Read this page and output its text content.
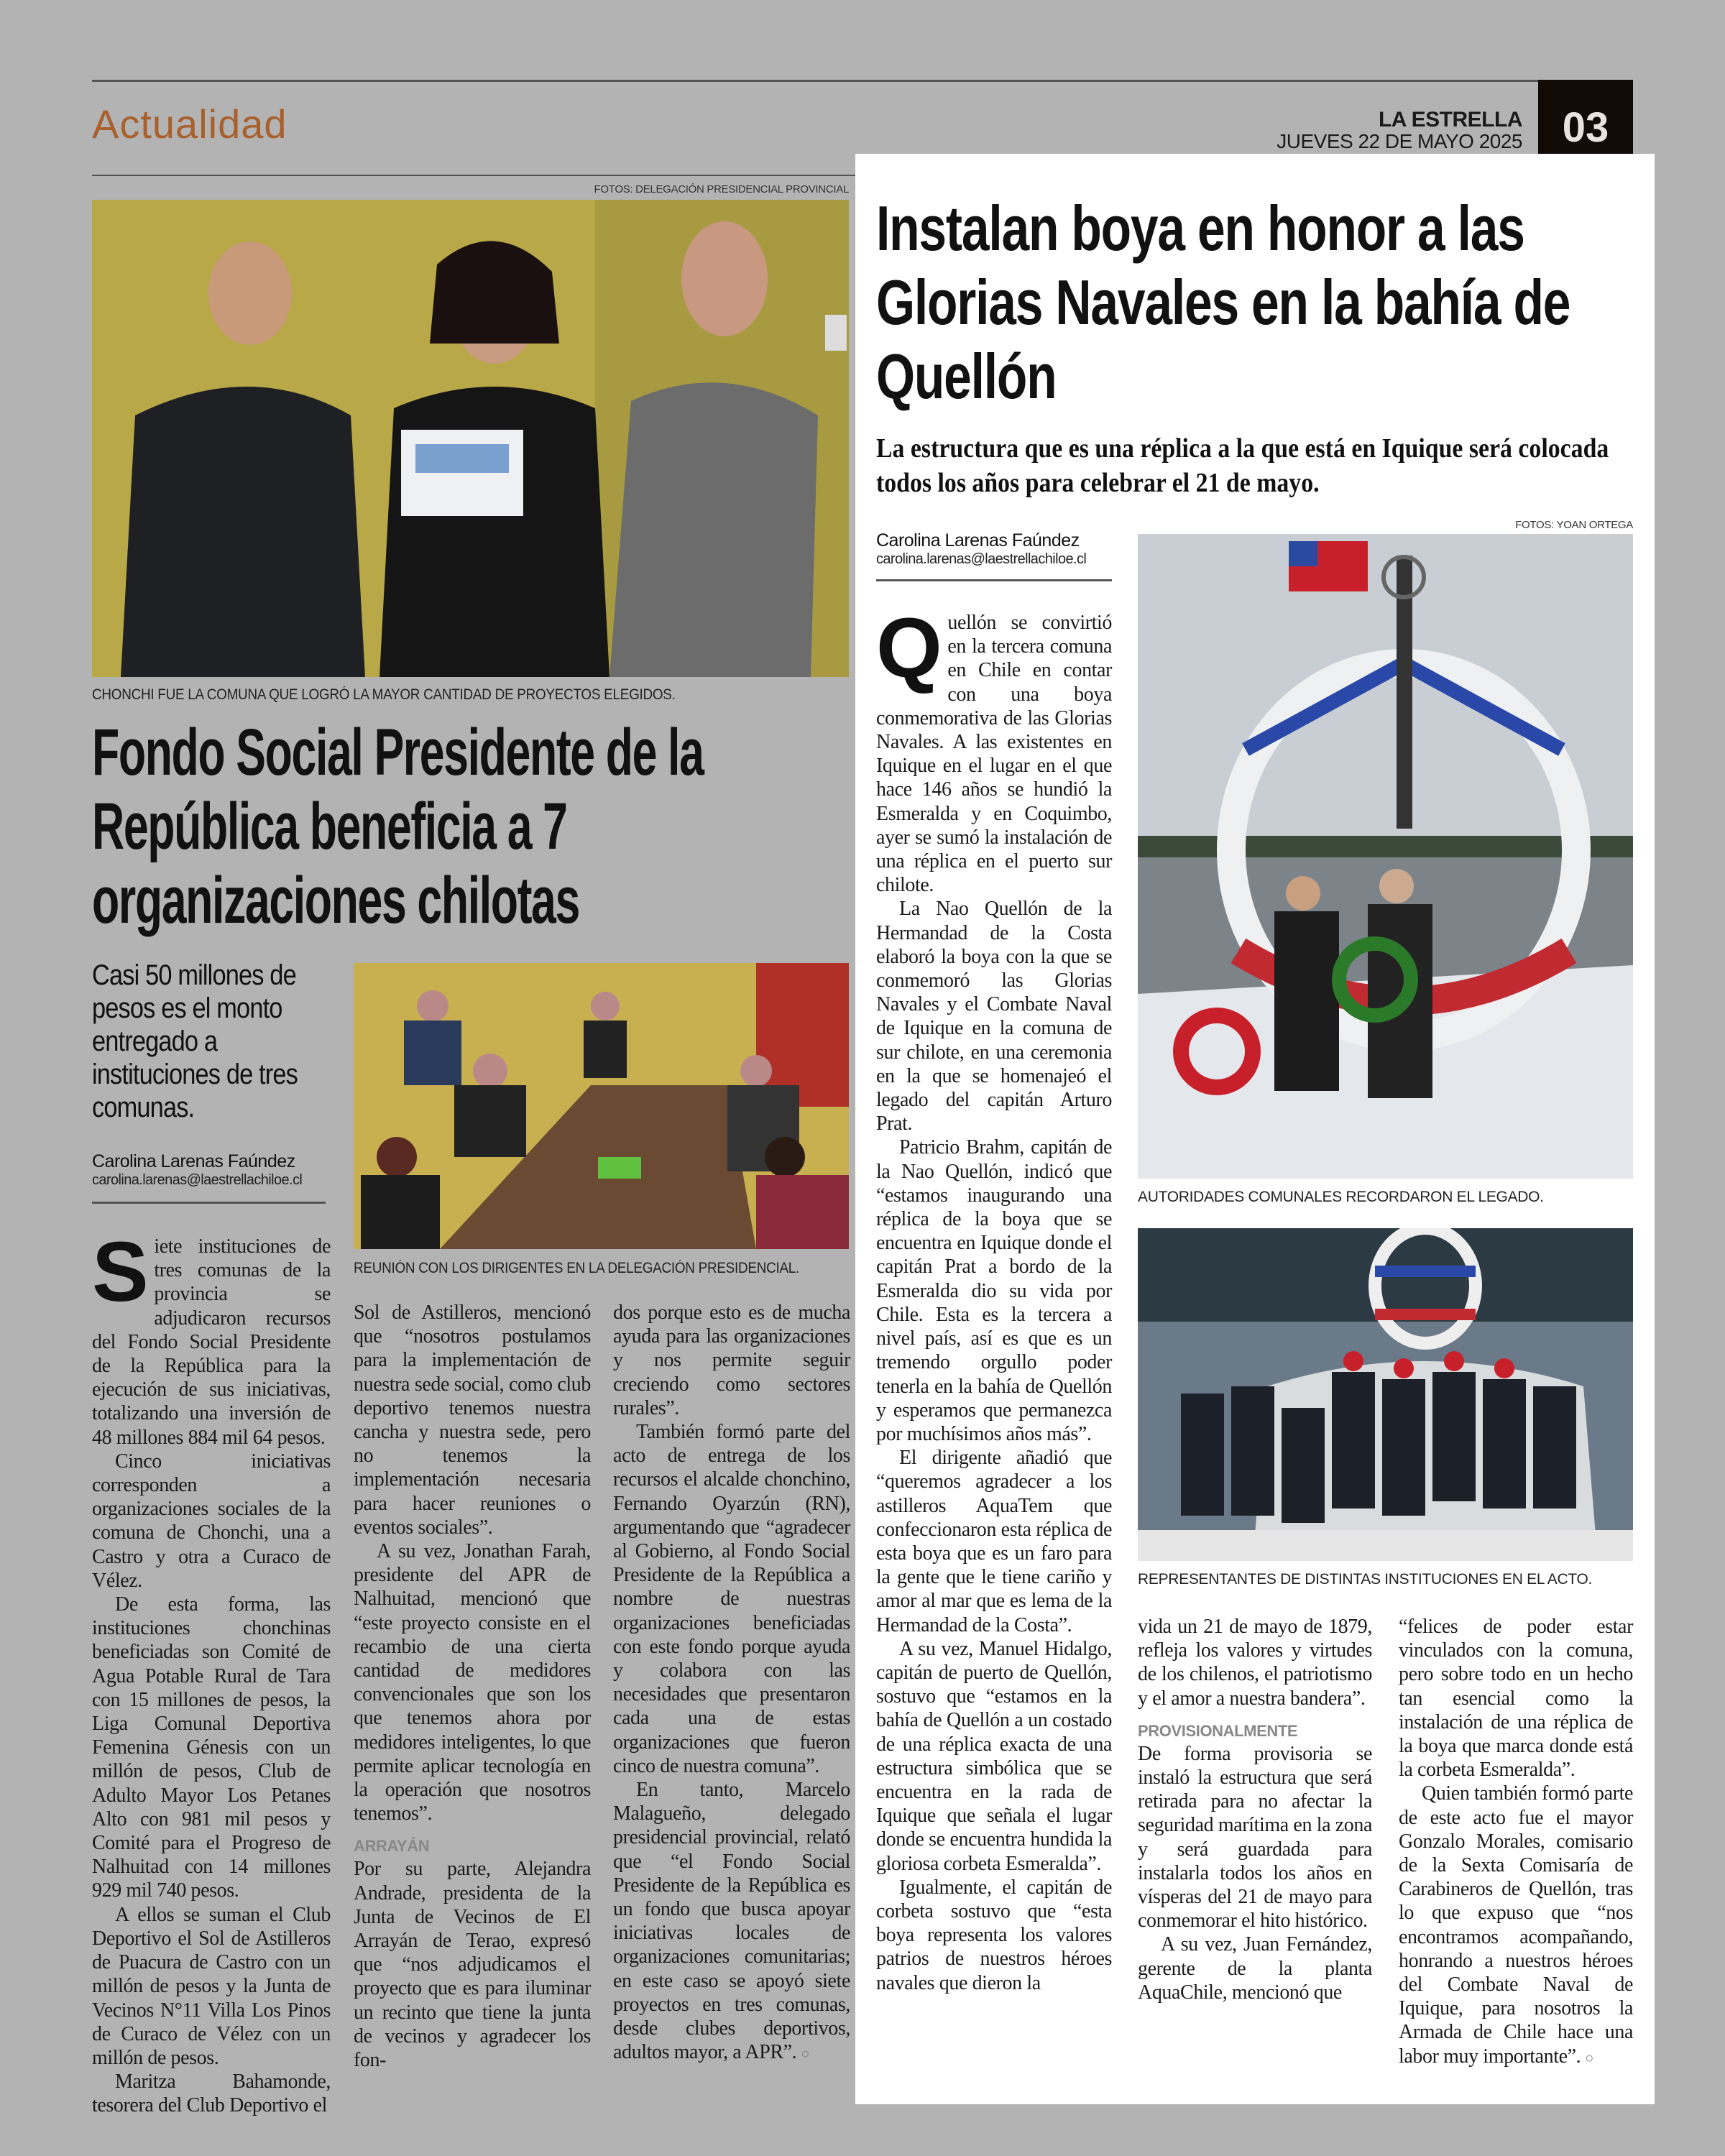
Actualidad	LA ESTRELLA
JUEVES 22 DE MAYO 2025 03
FOTOS: DELEGACIÓN PRESIDENCIAL PROVINCIAL
CHONCHI FUE LA COMUNA QUE LOGRÓ LA MAYOR CANTIDAD DE PROYECTOS ELEGIDOS.
Fondo Social Presidente de la República beneficia a 7 organizaciones chilotas
Casi 50 millones de pesos es el monto entregado a instituciones de tres comunas.
Carolina Larenas Faúndez
carolina.larenas@laestrellachiloe.cl
REUNIÓN CON LOS DIRIGENTES EN LA DELEGACIÓN PRESIDENCIAL.

Siete instituciones de tres comunas de la provincia se adjudicaron recursos del Fondo Social Presidente de la República para la ejecución de sus iniciativas, totalizando una inversión de 48 millones 884 mil 64 pesos.

Cinco iniciativas corresponden a organizaciones sociales de la comuna de Chonchi, una a Castro y otra a Curaco de Vélez.

De esta forma, las instituciones chonchinas beneficiadas son Comité de Agua Potable Rural de Tara con 15 millones de pesos, la Liga Comunal Deportiva Femenina Génesis con un millón de pesos, Club de Adulto Mayor Los Petanes Alto con 981 mil pesos y Comité para el Progreso de Nalhuitad con 14 millones 929 mil 740 pesos.

A ellos se suman el Club Deportivo el Sol de Astilleros de Puacura de Castro con un millón de pesos y la Junta de Vecinos N°11 Villa Los Pinos de Curaco de Vélez con un millón de pesos.

Maritza Bahamonde, tesorera del Club Deportivo el

Sol de Astilleros, mencionó que “nosotros postulamos para la implementación de nuestra sede social, como club deportivo tenemos nuestra cancha y nuestra sede, pero no tenemos la implementación necesaria para hacer reuniones o eventos sociales”.

A su vez, Jonathan Farah, presidente del APR de Nalhuitad, mencionó que “este proyecto consiste en el recambio de una cierta cantidad de medidores convencionales que son los que tenemos ahora por medidores inteligentes, lo que permite aplicar tecnología en la operación que nosotros tenemos”.

ARRAYÁN

Por su parte, Alejandra Andrade, presidenta de la Junta de Vecinos de El Arrayán de Terao, expresó que “nos adjudicamos el proyecto que es para iluminar un recinto que tiene la junta de vecinos y agradecer los fon-

dos porque esto es de mucha ayuda para las organizaciones y nos permite seguir creciendo como sectores rurales”.

También formó parte del acto de entrega de los recursos el alcalde chonchino, Fernando Oyarzún (RN), argumentando que “agradecer al Gobierno, al Fondo Social Presidente de la República a nombre de nuestras organizaciones beneficiadas con este fondo porque ayuda y colabora con las necesidades que presentaron cada una de estas organizaciones que fueron cinco de nuestra comuna”.

En tanto, Marcelo Malagueño, delegado presidencial provincial, relató que “el Fondo Social Presidente de la República es un fondo que busca apoyar iniciativas locales de organizaciones comunitarias; en este caso se apoyó siete proyectos en tres comunas, desde clubes deportivos, adultos mayor, a APR”. ○

Instalan boya en honor a las Glorias Navales en la bahía de Quellón
La estructura que es una réplica a la que está en Iquique será colocada todos los años para celebrar el 21 de mayo.
FOTOS: YOAN ORTEGA
Carolina Larenas Faúndez
carolina.larenas@laestrellachiloe.cl
AUTORIDADES COMUNALES RECORDARON EL LEGADO.
REPRESENTANTES DE DISTINTAS INSTITUCIONES EN EL ACTO.

Quellón se convirtió en la tercera comuna en Chile en contar con una boya conmemorativa de las Glorias Navales. A las existentes en Iquique en el lugar en el que hace 146 años se hundió la Esmeralda y en Coquimbo, ayer se sumó la instalación de una réplica en el puerto sur chilote.

La Nao Quellón de la Hermandad de la Costa elaboró la boya con la que se conmemoró las Glorias Navales y el Combate Naval de Iquique en la comuna de sur chilote, en una ceremonia en la que se homenajeó el legado del capitán Arturo Prat.

Patricio Brahm, capitán de la Nao Quellón, indicó que “estamos inaugurando una réplica de la boya que se encuentra en Iquique donde el capitán Prat a bordo de la Esmeralda dio su vida por Chile. Esta es la tercera a nivel país, así es que es un tremendo orgullo poder tenerla en la bahía de Quellón y esperamos que permanezca por muchísimos años más”.

El dirigente añadió que “queremos agradecer a los astilleros AquaTem que confeccionaron esta réplica de esta boya que es un faro para la gente que le tiene cariño y amor al mar que es lema de la Hermandad de la Costa”.

A su vez, Manuel Hidalgo, capitán de puerto de Quellón, sostuvo que “estamos en la bahía de Quellón a un costado de una réplica exacta de una estructura simbólica que se encuentra en la rada de Iquique que señala el lugar donde se encuentra hundida la gloriosa corbeta Esmeralda”.

Igualmente, el capitán de corbeta sostuvo que “esta boya representa los valores patrios de nuestros héroes navales que dieron la

vida un 21 de mayo de 1879, refleja los valores y virtudes de los chilenos, el patriotismo y el amor a nuestra bandera”.

PROVISIONALMENTE

De forma provisoria se instaló la estructura que será retirada para no afectar la seguridad marítima en la zona y será guardada para instalarla todos los años en vísperas del 21 de mayo para conmemorar el hito histórico.

A su vez, Juan Fernández, gerente de la planta AquaChile, mencionó que

“felices de poder estar vinculados con la comuna, pero sobre todo en un hecho tan esencial como la instalación de una réplica de la boya que marca donde está la corbeta Esmeralda”.

Quien también formó parte de este acto fue el mayor Gonzalo Morales, comisario de la Sexta Comisaría de Carabineros de Quellón, tras lo que expuso que “nos encontramos acompañando, honrando a nuestros héroes del Combate Naval de Iquique, para nosotros la Armada de Chile hace una labor muy importante”. ○
